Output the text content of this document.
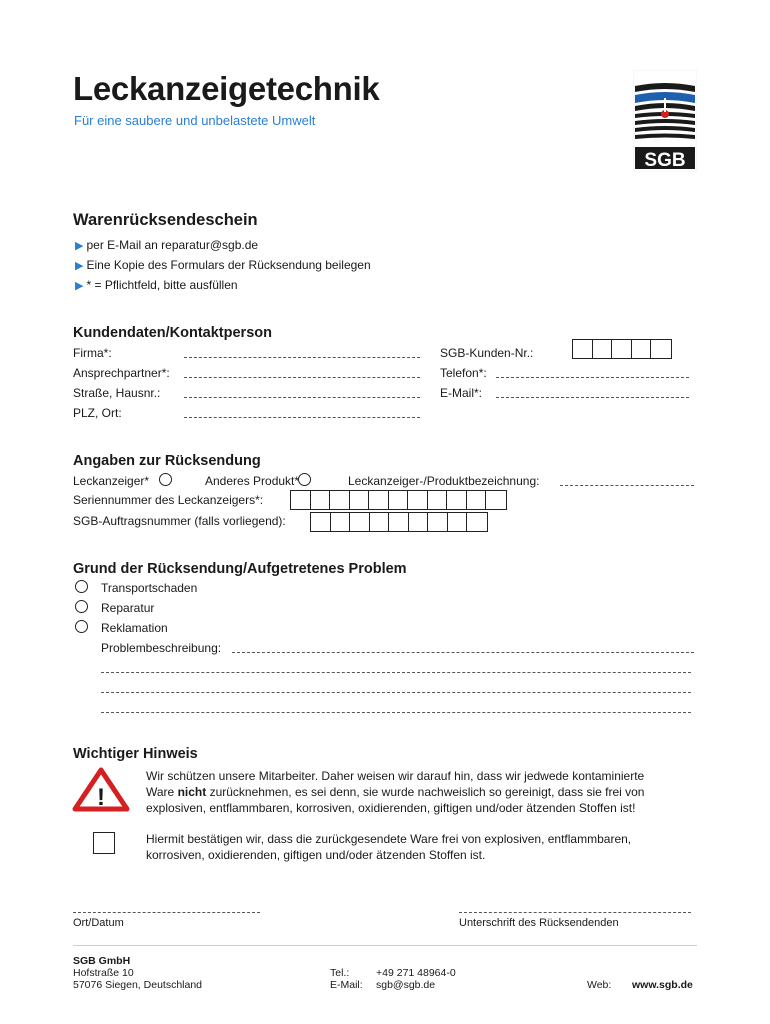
Leckanzeigetechnik
Für eine saubere und unbelastete Umwelt
SGB
Warenrücksendeschein
▶ per E-Mail an reparatur@sgb.de
▶ Eine Kopie des Formulars der Rücksendung beilegen
▶ * = Pflichtfeld, bitte ausfüllen
Kundendaten/Kontaktperson
Firma*:
Ansprechpartner*:
Straße, Hausnr.:
PLZ, Ort:
SGB-Kunden-Nr.:
Telefon*:
E-Mail*:
Angaben zur Rücksendung
Leckanzeiger*	Anderes Produkt*	Leckanzeiger-/Produktbezeichnung:
Seriennummer des Leckanzeigers*:
SGB-Auftragsnummer (falls vorliegend):
Grund der Rücksendung/Aufgetretenes Problem
Transportschaden
Reparatur
Reklamation
Problembeschreibung:
Wichtiger Hinweis
!
Wir schützen unsere Mitarbeiter. Daher weisen wir darauf hin, dass wir jedwede kontaminierte
Ware nicht zurücknehmen, es sei denn, sie wurde nachweislich so gereinigt, dass sie frei von
explosiven, entflammbaren, korrosiven, oxidierenden, giftigen und/oder ätzenden Stoffen ist!
Hiermit bestätigen wir, dass die zurückgesendete Ware frei von explosiven, entflammbaren,
korrosiven, oxidierenden, giftigen und/oder ätzenden Stoffen ist.
Ort/Datum	Unterschrift des Rücksendenden
SGB GmbH
Hofstraße 10
57076 Siegen, Deutschland
Tel.:	+49 271 48964-0
E-Mail: sgb@sgb.de	Web: www.sgb.de
